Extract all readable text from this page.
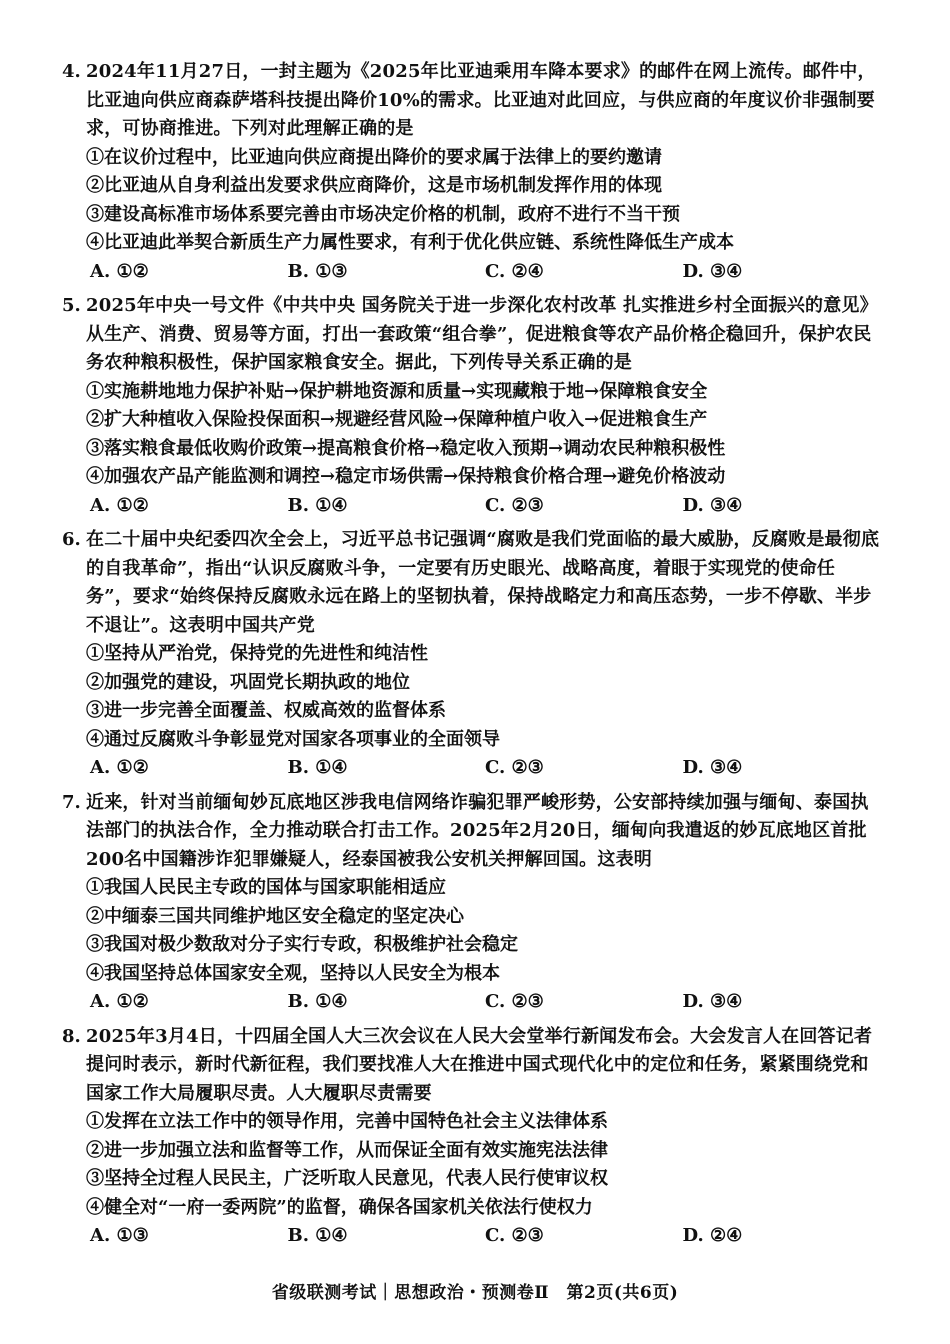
4. 2024年11月27日，一封主题为《2025年比亚迪乘用车降本要求》的邮件在网上流传。邮件中，比亚迪向供应商森萨塔科技提出降价10%的需求。比亚迪对此回应，与供应商的年度议价非强制要求，可协商推进。下列对此理解正确的是
①在议价过程中，比亚迪向供应商提出降价的要求属于法律上的要约邀请
②比亚迪从自身利益出发要求供应商降价，这是市场机制发挥作用的体现
③建设高标准市场体系要完善由市场决定价格的机制，政府不进行不当干预
④比亚迪此举契合新质生产力属性要求，有利于优化供应链、系统性降低生产成本
A. ①②	B. ①③	C. ②④	D. ③④
5. 2025年中央一号文件《中共中央 国务院关于进一步深化农村改革 扎实推进乡村全面振兴的意见》从生产、消费、贸易等方面，打出一套政策“组合拳”，促进粮食等农产品价格企稳回升，保护农民务农种粮积极性，保护国家粮食安全。据此，下列传导关系正确的是
①实施耕地地力保护补贴→保护耕地资源和质量→实现藏粮于地→保障粮食安全
②扩大种植收入保险投保面积→规避经营风险→保障种植户收入→促进粮食生产
③落实粮食最低收购价政策→提高粮食价格→稳定收入预期→调动农民种粮积极性
④加强农产品产能监测和调控→稳定市场供需→保持粮食价格合理→避免价格波动
A. ①②	B. ①④	C. ②③	D. ③④
6. 在二十届中央纪委四次全会上，习近平总书记强调“腐败是我们党面临的最大威胁，反腐败是最彻底的自我革命”，指出“认识反腐败斗争，一定要有历史眼光、战略高度，着眼于实现党的使命任务”，要求“始终保持反腐败永远在路上的坚韧执着，保持战略定力和高压态势，一步不停歇、半步不退让”。这表明中国共产党
①坚持从严治党，保持党的先进性和纯洁性
②加强党的建设，巩固党长期执政的地位
③进一步完善全面覆盖、权威高效的监督体系
④通过反腐败斗争彰显党对国家各项事业的全面领导
A. ①②	B. ①④	C. ②③	D. ③④
7. 近来，针对当前缅甸妙瓦底地区涉我电信网络诈骗犯罪严峻形势，公安部持续加强与缅甸、泰国执法部门的执法合作，全力推动联合打击工作。2025年2月20日，缅甸向我遣返的妙瓦底地区首批200名中国籍涉诈犯罪嫌疑人，经泰国被我公安机关押解回国。这表明
①我国人民民主专政的国体与国家职能相适应
②中缅泰三国共同维护地区安全稳定的坚定决心
③我国对极少数敌对分子实行专政，积极维护社会稳定
④我国坚持总体国家安全观，坚持以人民安全为根本
A. ①②	B. ①④	C. ②③	D. ③④
8. 2025年3月4日，十四届全国人大三次会议在人民大会堂举行新闻发布会。大会发言人在回答记者提问时表示，新时代新征程，我们要找准人大在推进中国式现代化中的定位和任务，紧紧围绕党和国家工作大局履职尽责。人大履职尽责需要
①发挥在立法工作中的领导作用，完善中国特色社会主义法律体系
②进一步加强立法和监督等工作，从而保证全面有效实施宪法法律
③坚持全过程人民民主，广泛听取人民意见，代表人民行使审议权
④健全对“一府一委两院”的监督，确保各国家机关依法行使权力
A. ①③	B. ①④	C. ②③	D. ②④
省级联测考试｜思想政治・预测卷Ⅱ　第2页(共6页)
